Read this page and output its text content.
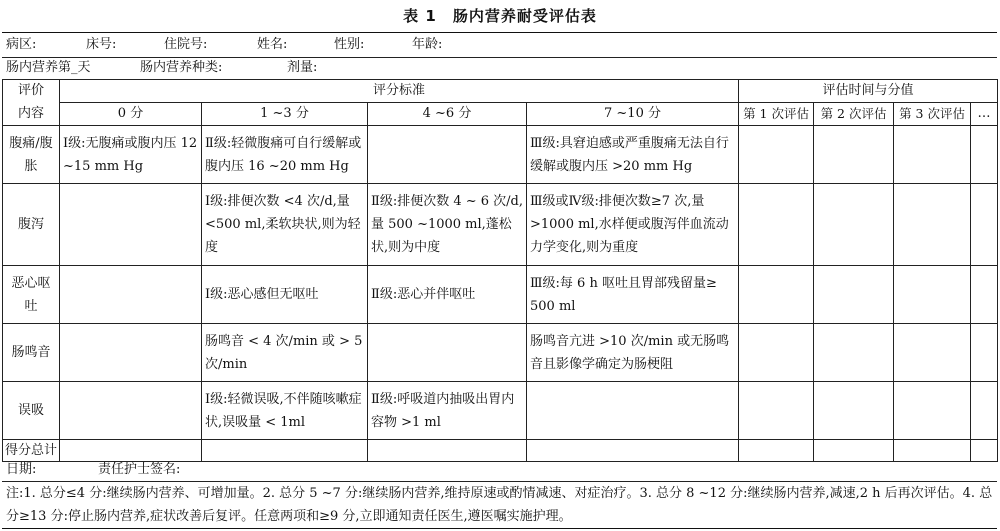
表 1　肠内营养耐受评估表
病区:	床号:	住院号:	姓名:	性别:	年龄:
肠内营养第_天	肠内营养种类:	剂量:
评价	评分标准				评估时间与分值			
内容	0 分	1 ~3 分	4 ~6 分	7 ~10 分	第 1 次评估	第 2 次评估	第 3 次评估	…
腹痛/腹胀	Ⅰ级:无腹痛或腹内压 12 ~15 mm Hg	Ⅱ级:轻微腹痛可自行缓解或腹内压 16 ~20 mm Hg		Ⅲ级:具窘迫感或严重腹痛无法自行缓解或腹内压 >20 mm Hg				
腹泻		Ⅰ级:排便次数 <4 次/d,量 <500 ml,柔软块状,则为轻度	Ⅱ级:排便次数 4 ~ 6 次/d,量 500 ~1000 ml,蓬松状,则为中度	Ⅲ级或Ⅳ级:排便次数≥7 次,量 >1000 ml,水样便或腹泻伴血流动力学变化,则为重度				
恶心呕吐		Ⅰ级:恶心感但无呕吐	Ⅱ级:恶心并伴呕吐	Ⅲ级:每 6 h 呕吐且胃部残留量≥ 500 ml				
肠鸣音		肠鸣音 < 4 次/min 或 > 5 次/min		肠鸣音亢进 >10 次/min 或无肠鸣音且影像学确定为肠梗阻				
误吸		Ⅰ级:轻微误吸,不伴随咳嗽症状,误吸量 < 1ml	Ⅱ级:呼吸道内抽吸出胃内容物 >1 ml					
得分总计								
日期:	责任护士签名:
注:1. 总分≤4 分:继续肠内营养、可增加量。2. 总分 5 ~7 分:继续肠内营养,维持原速或酌情减速、对症治疗。3. 总分 8 ~12 分:继续肠内营养,减速,2 h 后再次评估。4. 总分≥13 分:停止肠内营养,症状改善后复评。任意两项和≥9 分,立即通知责任医生,遵医嘱实施护理。
